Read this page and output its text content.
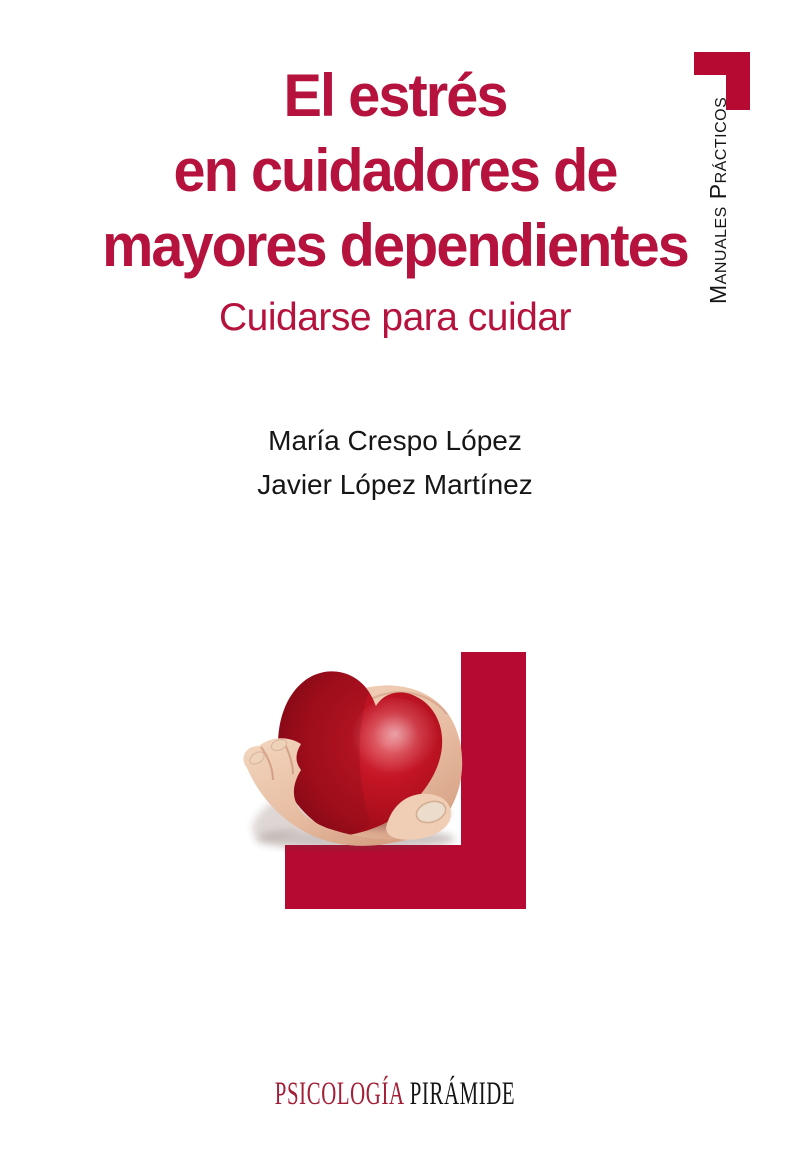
Manuales Prácticos
El estrés
en cuidadores de
mayores dependientes
Cuidarse para cuidar
María Crespo López
Javier López Martínez
PSICOLOGÍA PIRÁMIDE
